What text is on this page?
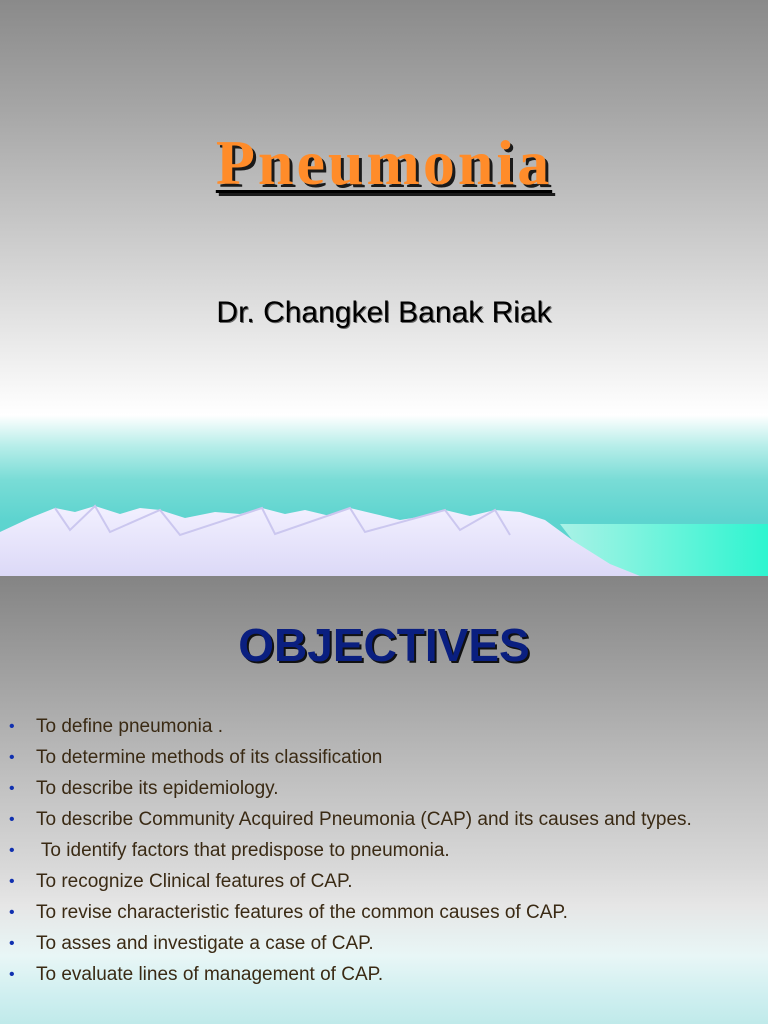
Pneumonia
Dr. Changkel Banak Riak
OBJECTIVES
• To define pneumonia .
• To determine methods of its classification
• To describe its epidemiology.
• To describe Community Acquired Pneumonia (CAP) and its causes and types.
• To identify factors that predispose to pneumonia.
• To recognize Clinical features of CAP.
• To revise characteristic features of the common causes of CAP.
• To asses and investigate a case of CAP.
• To evaluate lines of management of CAP.
